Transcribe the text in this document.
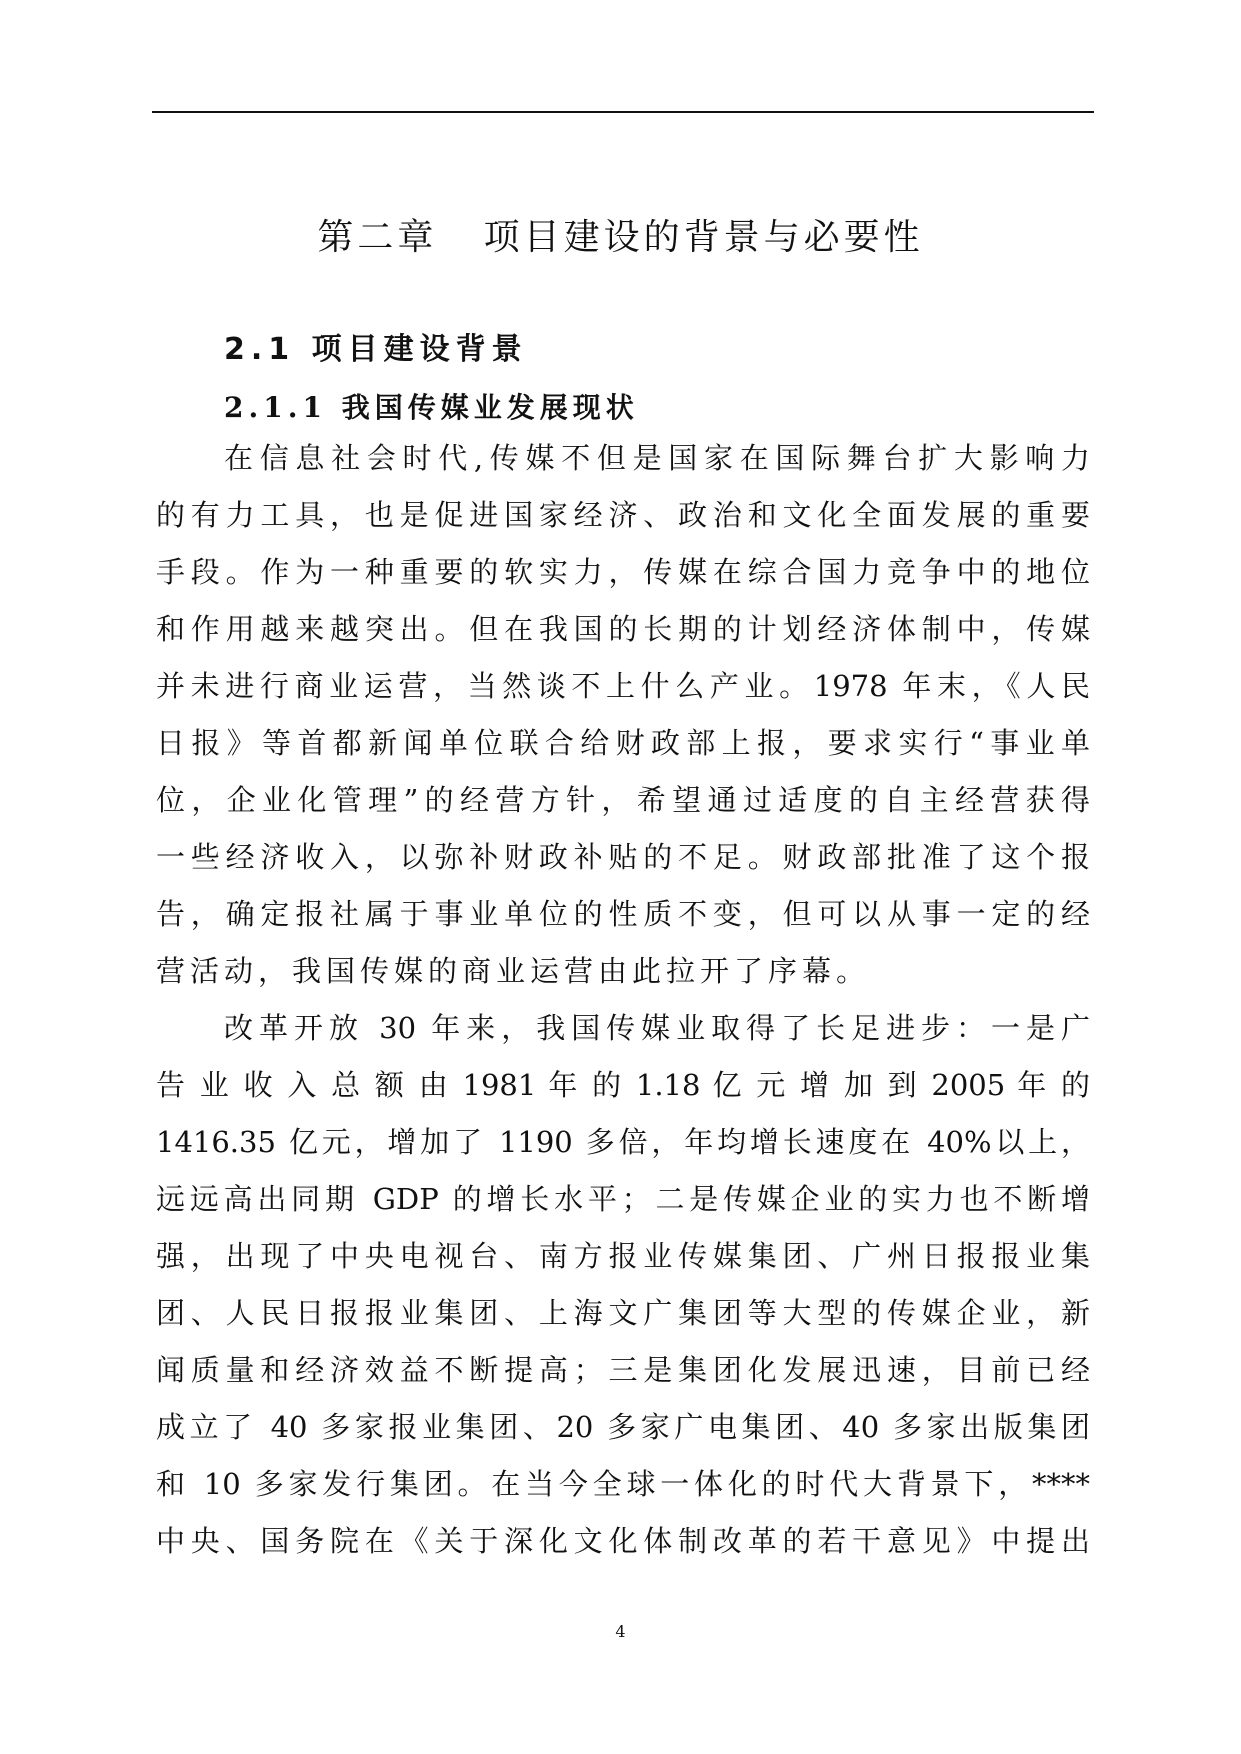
第二章   项目建设的背景与必要性
2.1 项目建设背景
2.1.1 我国传媒业发展现状

在信息社会时代,传媒不但是国家在国际舞台扩大影响力

的有力工具，也是促进国家经济、政治和文化全面发展的重要

手段。作为一种重要的软实力，传媒在综合国力竞争中的地位

和作用越来越突出。但在我国的长期的计划经济体制中，传媒

并未进行商业运营，当然谈不上什么产业。1978 年末，《人民

日报》等首都新闻单位联合给财政部上报，要求实行“事业单

位，企业化管理”的经营方针，希望通过适度的自主经营获得

一些经济收入，以弥补财政补贴的不足。财政部批准了这个报

告，确定报社属于事业单位的性质不变，但可以从事一定的经

营活动，我国传媒的商业运营由此拉开了序幕。

改革开放 30 年来，我国传媒业取得了长足进步：一是广

告 业 收 入 总 额 由 1981 年 的 1.18 亿 元 增 加 到 2005 年 的

1416.35 亿元，增加了 1190 多倍，年均增长速度在 40%以上，

远远高出同期 GDP 的增长水平；二是传媒企业的实力也不断增

强，出现了中央电视台、南方报业传媒集团、广州日报报业集

团、人民日报报业集团、上海文广集团等大型的传媒企业，新

闻质量和经济效益不断提高；三是集团化发展迅速，目前已经

成立了 40 多家报业集团、20 多家广电集团、40 多家出版集团

和 10 多家发行集团。在当今全球一体化的时代大背景下，****

中央、国务院在《关于深化文化体制改革的若干意见》中提出

4
